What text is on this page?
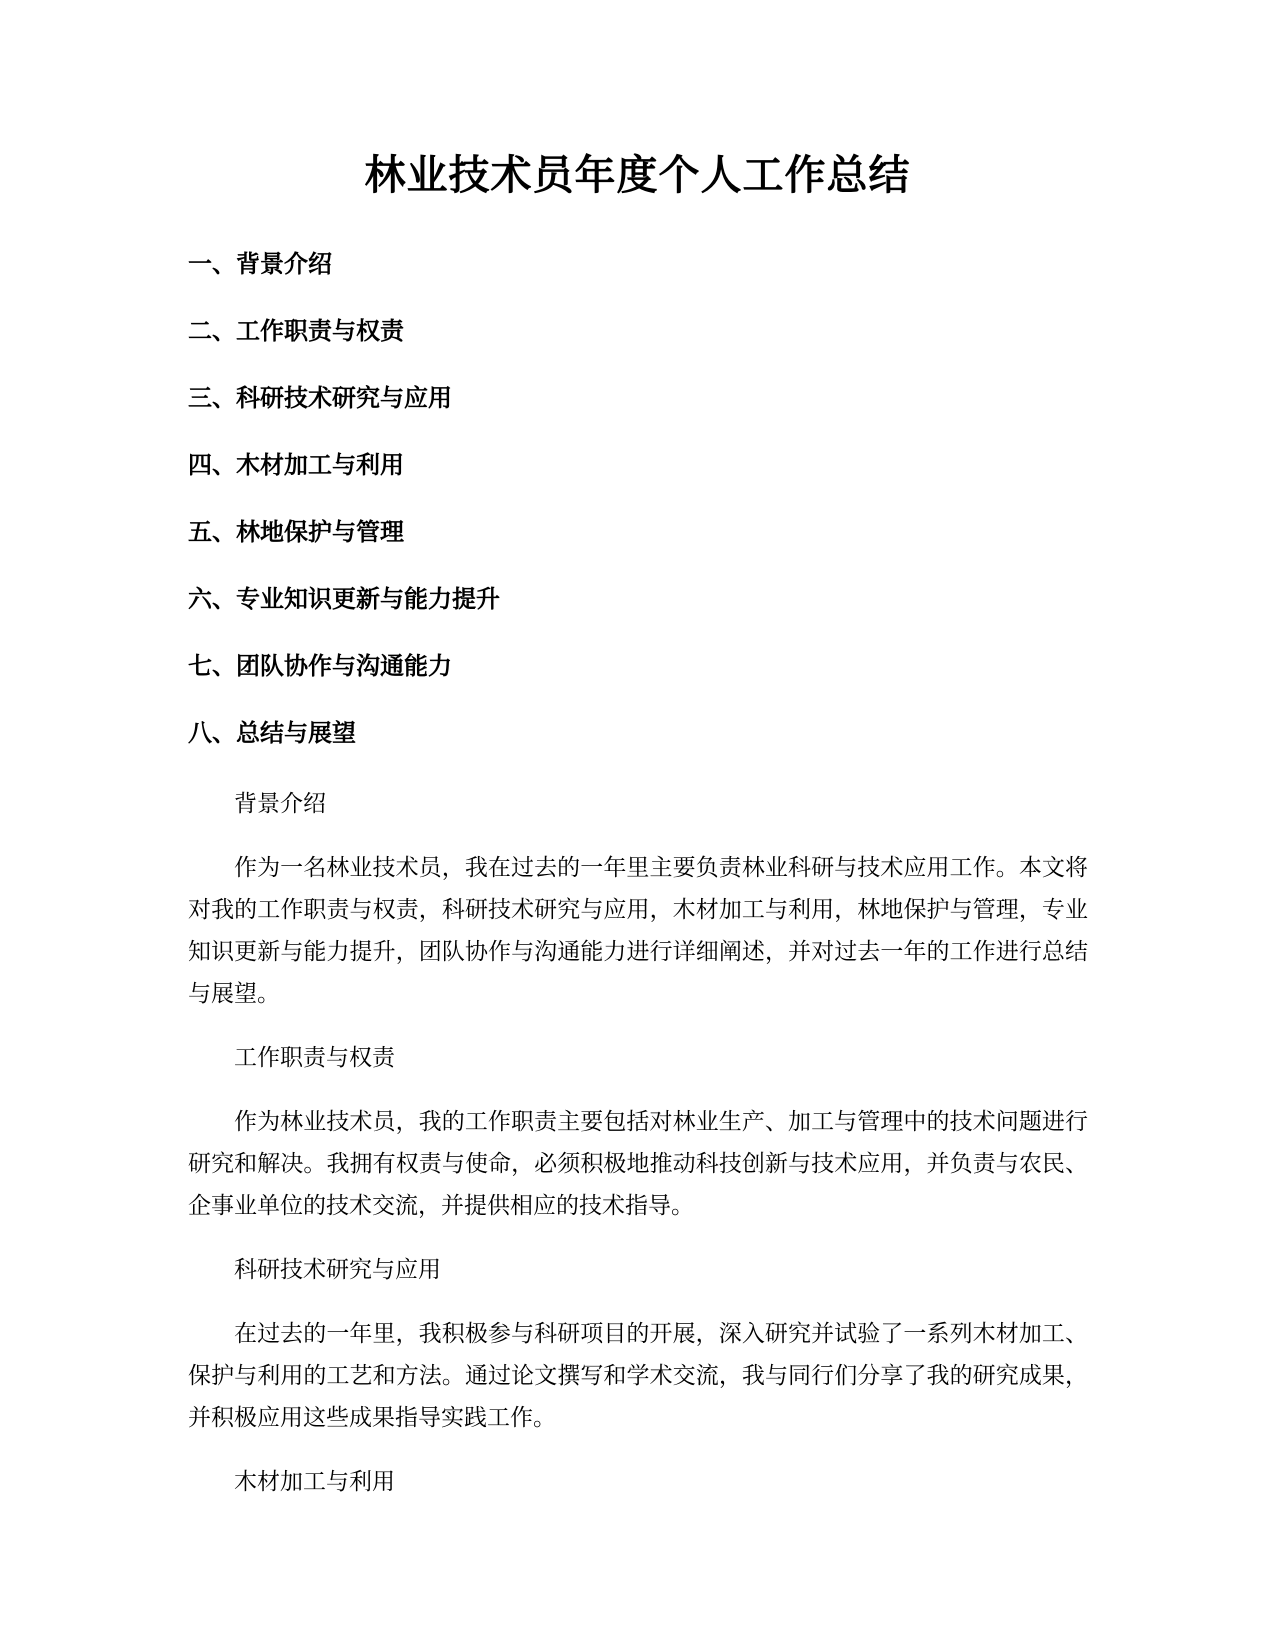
林业技术员年度个人工作总结
一、背景介绍
二、工作职责与权责
三、科研技术研究与应用
四、木材加工与利用
五、林地保护与管理
六、专业知识更新与能力提升
七、团队协作与沟通能力
八、总结与展望

背景介绍

作为一名林业技术员，我在过去的一年里主要负责林业科研与技术应用工作。本文将对我的工作职责与权责，科研技术研究与应用，木材加工与利用，林地保护与管理，专业知识更新与能力提升，团队协作与沟通能力进行详细阐述，并对过去一年的工作进行总结与展望。

工作职责与权责

作为林业技术员，我的工作职责主要包括对林业生产、加工与管理中的技术问题进行研究和解决。我拥有权责与使命，必须积极地推动科技创新与技术应用，并负责与农民、企事业单位的技术交流，并提供相应的技术指导。

科研技术研究与应用

在过去的一年里，我积极参与科研项目的开展，深入研究并试验了一系列木材加工、保护与利用的工艺和方法。通过论文撰写和学术交流，我与同行们分享了我的研究成果，并积极应用这些成果指导实践工作。

木材加工与利用
